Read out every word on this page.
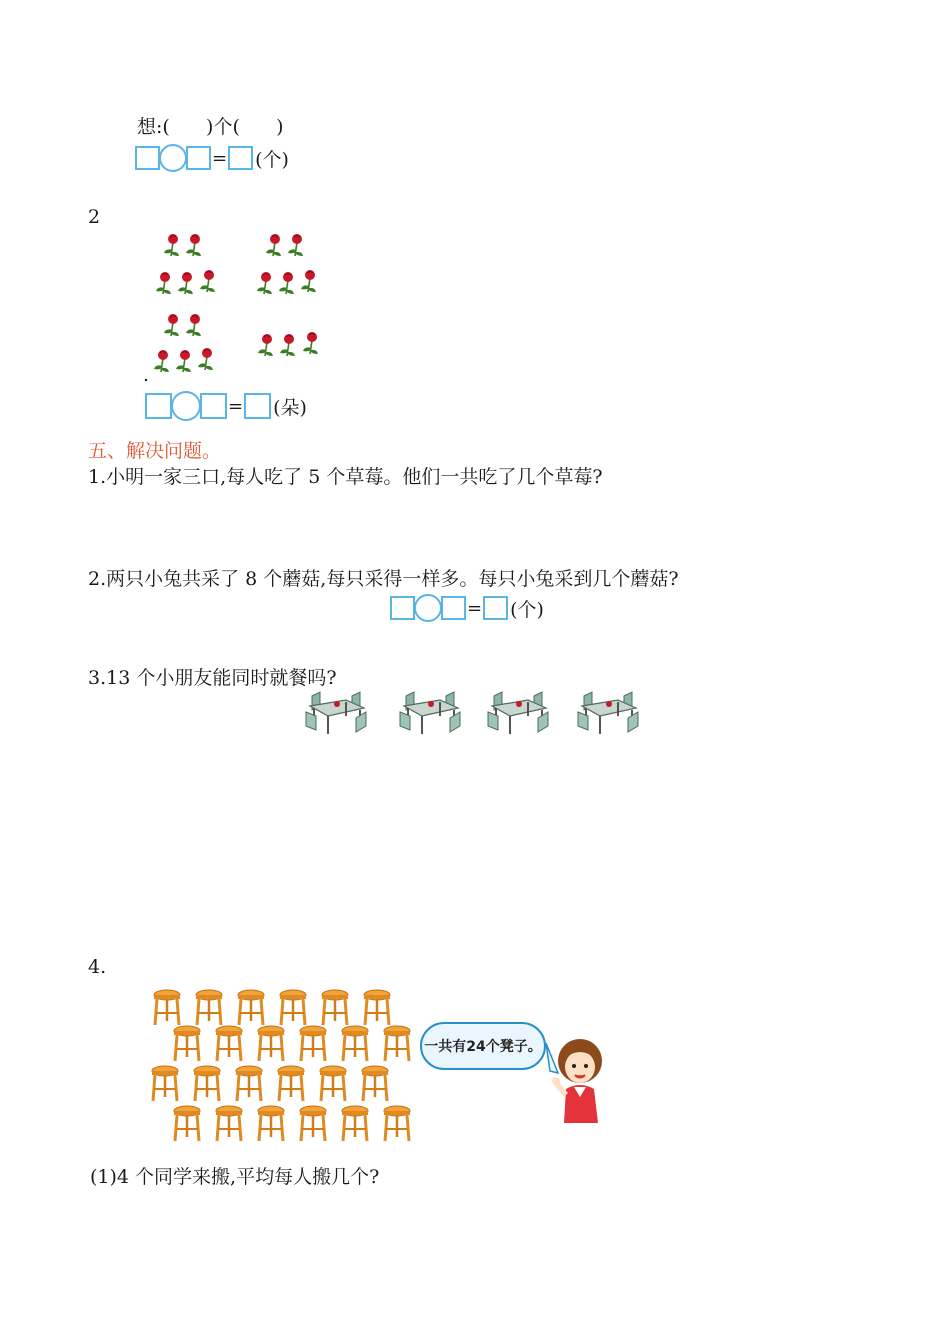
想:(      )个(      )
= (个)
2
.
= (朵)
五、解决问题。
1.小明一家三口,每人吃了 5 个草莓。他们一共吃了几个草莓?
2.两只小兔共采了 8 个蘑菇,每只采得一样多。每只小兔采到几个蘑菇?
= (个)
3.13 个小朋友能同时就餐吗?
4.
一共有24个凳子。
(1)4 个同学来搬,平均每人搬几个?
